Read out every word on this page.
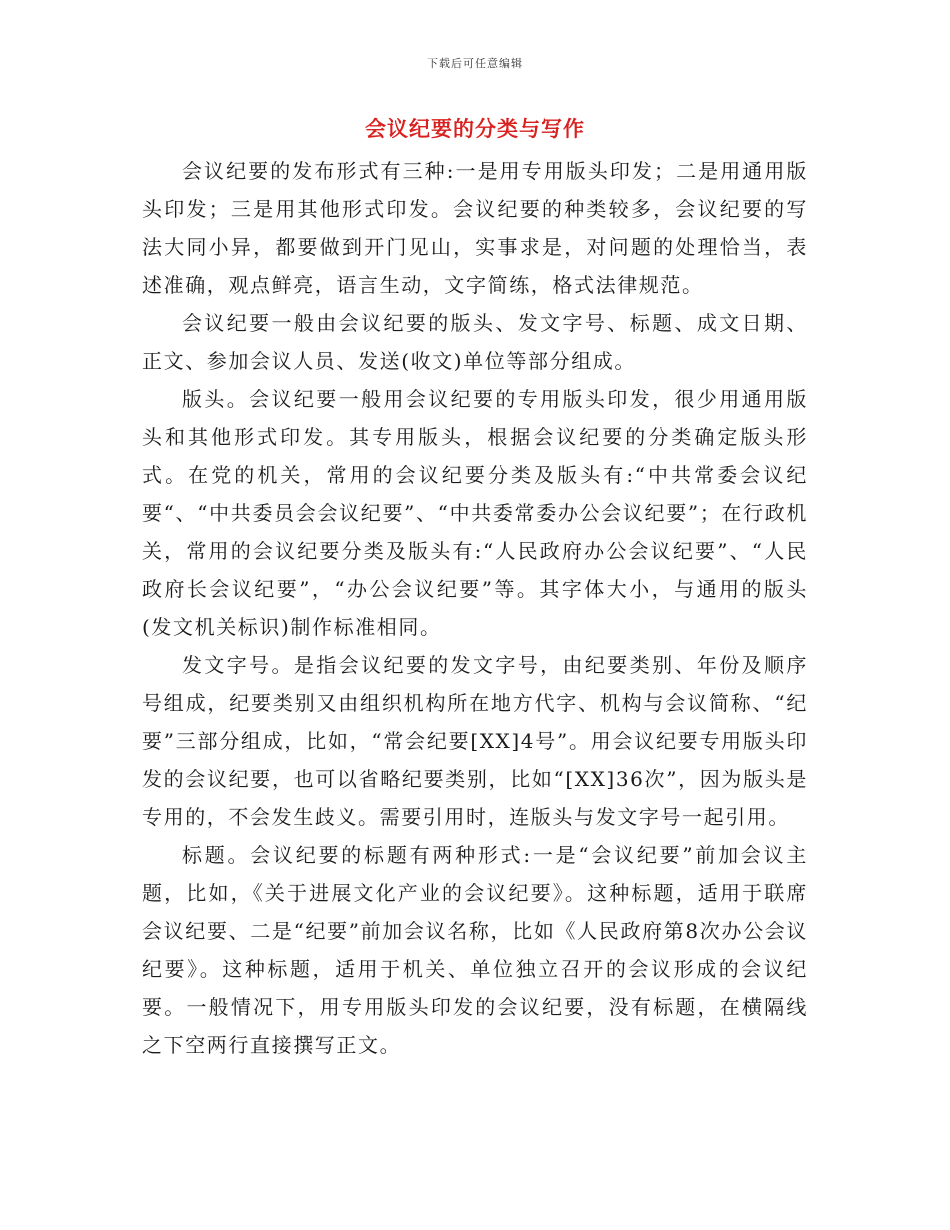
下载后可任意编辑
会议纪要的分类与写作

会议纪要的发布形式有三种:一是用专用版头印发；二是用通用版头印发；三是用其他形式印发。会议纪要的种类较多，会议纪要的写法大同小异，都要做到开门见山，实事求是，对问题的处理恰当，表述准确，观点鲜亮，语言生动，文字简练，格式法律规范。

会议纪要一般由会议纪要的版头、发文字号、标题、成文日期、正文、参加会议人员、发送(收文)单位等部分组成。

版头。会议纪要一般用会议纪要的专用版头印发，很少用通用版头和其他形式印发。其专用版头，根据会议纪要的分类确定版头形式。在党的机关，常用的会议纪要分类及版头有:“中共常委会议纪要“、“中共委员会会议纪要”、“中共委常委办公会议纪要”；在行政机关，常用的会议纪要分类及版头有:“人民政府办公会议纪要”、“人民政府长会议纪要”，“办公会议纪要”等。其字体大小，与通用的版头(发文机关标识)制作标准相同。

发文字号。是指会议纪要的发文字号，由纪要类别、年份及顺序号组成，纪要类别又由组织机构所在地方代字、机构与会议简称、“纪要”三部分组成，比如，“常会纪要[XX]4号”。用会议纪要专用版头印发的会议纪要，也可以省略纪要类别，比如“[XX]36次”，因为版头是专用的，不会发生歧义。需要引用时，连版头与发文字号一起引用。

标题。会议纪要的标题有两种形式:一是“会议纪要”前加会议主题，比如，《关于进展文化产业的会议纪要》。这种标题，适用于联席会议纪要、二是“纪要”前加会议名称，比如《人民政府第8次办公会议纪要》。这种标题，适用于机关、单位独立召开的会议形成的会议纪要。一般情况下，用专用版头印发的会议纪要，没有标题，在横隔线之下空两行直接撰写正文。
